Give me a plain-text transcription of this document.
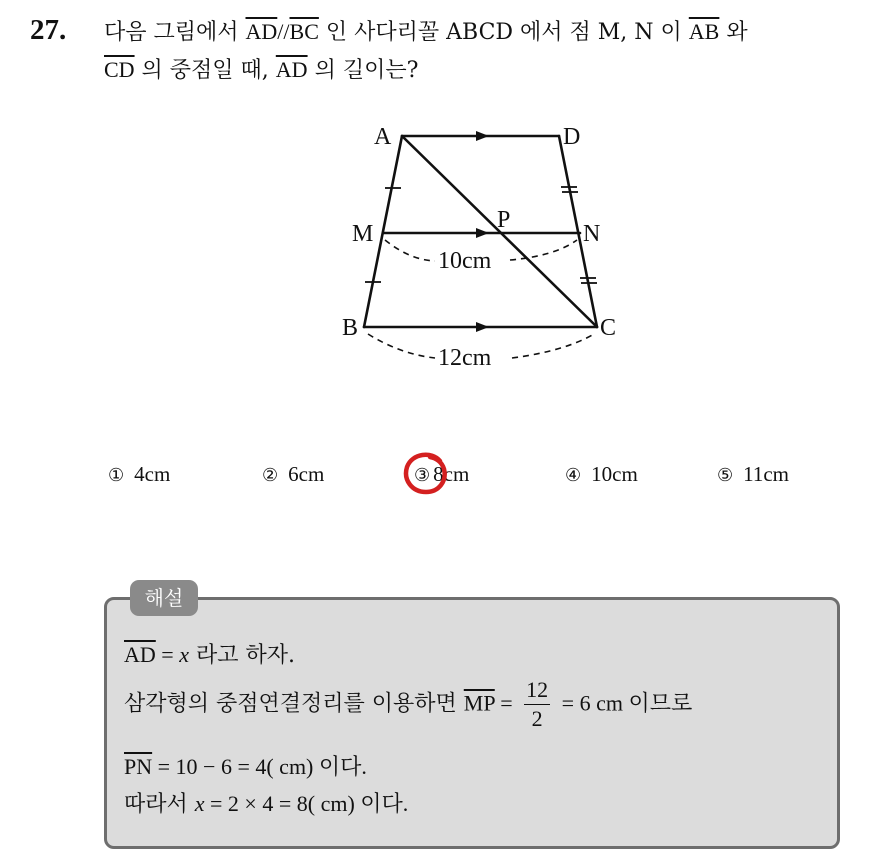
27. 다음 그림에서 $\overline{AD}//\overline{BC}$ 인 사다리꼴 ABCD 에서 점 M, N 이 $\overline{AB}$ 와
$\overline{CD}$ 의 중점일 때, $\overline{AD}$ 의 길이는?
A	D
M
P
N
B	C
10cm
12cm
① 4cm	② 6cm	③ 8cm	④ 10cm	⑤ 11cm
해설
$\overline{AD} = x$ 라고 하자.
삼각형의 중점연결정리를 이용하면 $\overline{MP} = \frac{12}{2} = 6$ cm 이므로
$\overline{PN} = 10 - 6 = 4$( cm) 이다.
따라서 x = 2 × 4 = 8( cm) 이다.
